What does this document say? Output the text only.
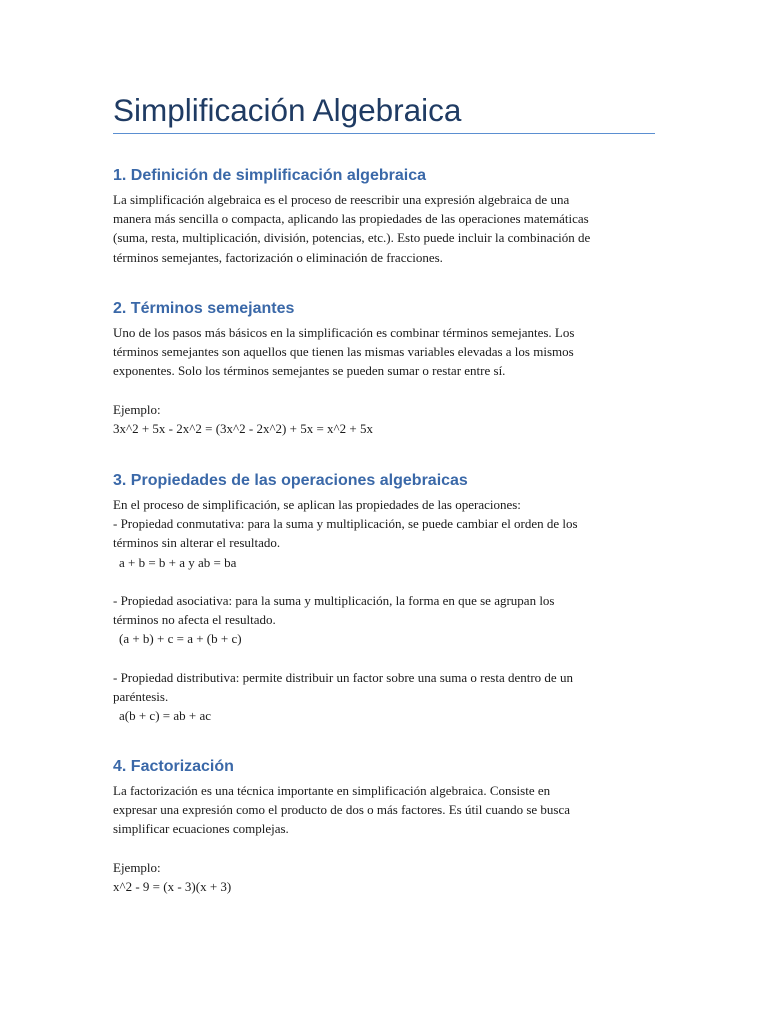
Simplificación Algebraica
1. Definición de simplificación algebraica

La simplificación algebraica es el proceso de reescribir una expresión algebraica de una

manera más sencilla o compacta, aplicando las propiedades de las operaciones matemáticas

(suma, resta, multiplicación, división, potencias, etc.). Esto puede incluir la combinación de

términos semejantes, factorización o eliminación de fracciones.

2. Términos semejantes

Uno de los pasos más básicos en la simplificación es combinar términos semejantes. Los

términos semejantes son aquellos que tienen las mismas variables elevadas a los mismos

exponentes. Solo los términos semejantes se pueden sumar o restar entre sí.

Ejemplo:

3x^2 + 5x - 2x^2 = (3x^2 - 2x^2) + 5x = x^2 + 5x

3. Propiedades de las operaciones algebraicas

En el proceso de simplificación, se aplican las propiedades de las operaciones:

- Propiedad conmutativa: para la suma y multiplicación, se puede cambiar el orden de los

términos sin alterar el resultado.

a + b = b + a y ab = ba

- Propiedad asociativa: para la suma y multiplicación, la forma en que se agrupan los

términos no afecta el resultado.

(a + b) + c = a + (b + c)

- Propiedad distributiva: permite distribuir un factor sobre una suma o resta dentro de un

paréntesis.

a(b + c) = ab + ac

4. Factorización

La factorización es una técnica importante en simplificación algebraica. Consiste en

expresar una expresión como el producto de dos o más factores. Es útil cuando se busca

simplificar ecuaciones complejas.

Ejemplo:

x^2 - 9 = (x - 3)(x + 3)
